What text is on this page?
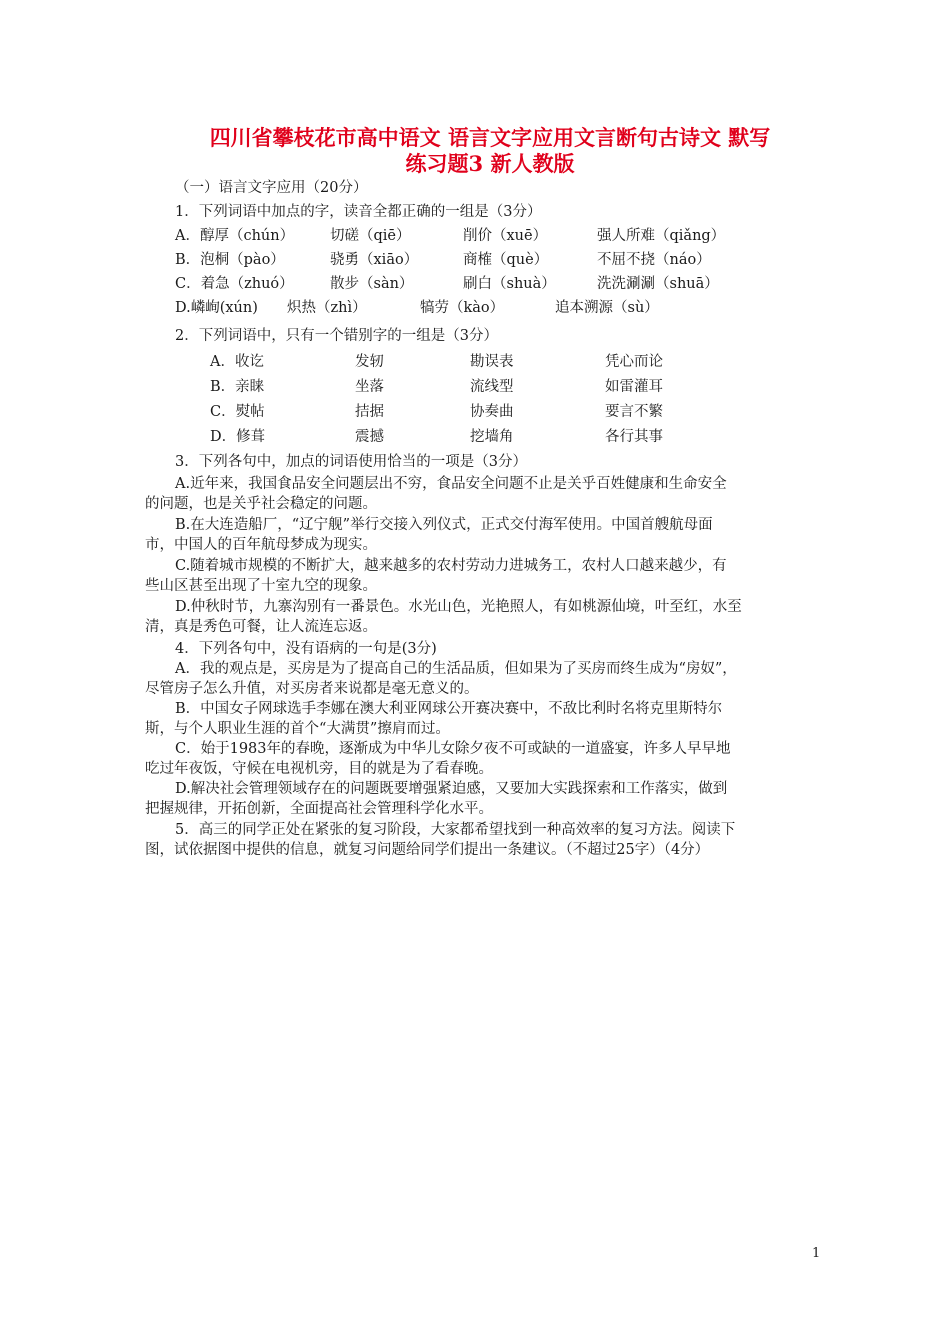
四川省攀枝花市高中语文 语言文字应用文言断句古诗文 默写
练习题3 新人教版
（一）语言文字应用（20分）
1．下列词语中加点的字，读音全都正确的一组是（3分）
A．醇厚（chún） 切磋（qiē）	削价（xuē）	强人所难（qiǎng）
B．泡桐（pào）	骁勇（xiāo）	商榷（què）	不屈不挠（náo）
C．着急（zhuó）	散步（sàn）	刷白（shuà）	洗洗涮涮（shuā）
D.嶙峋(xún) 炽热（zhì）	犒劳（kào）	追本溯源（sù）
2．下列词语中，只有一个错别字的一组是（3分）
A．收讫	发轫	勘误表	凭心而论
B．亲睐	坐落	流线型	如雷灌耳
C．熨帖	拮据	协奏曲	要言不繁
D．修葺	震撼	挖墙角	各行其事
3．下列各句中，加点的词语使用恰当的一项是（3分）
A.近年来，我国食品安全问题层出不穷，食品安全问题不止是关乎百姓健康和生命安全
的问题，也是关乎社会稳定的问题。
B.在大连造船厂，“辽宁舰”举行交接入列仪式，正式交付海军使用。中国首艘航母面
市，中国人的百年航母梦成为现实。
C.随着城市规模的不断扩大，越来越多的农村劳动力进城务工，农村人口越来越少，有
些山区甚至出现了十室九空的现象。
D.仲秋时节，九寨沟别有一番景色。水光山色，光艳照人，有如桃源仙境，叶至红，水至
清，真是秀色可餐，让人流连忘返。
4．下列各句中，没有语病的一句是(3分)
A．我的观点是，买房是为了提高自己的生活品质，但如果为了买房而终生成为“房奴”，
尽管房子怎么升值，对买房者来说都是毫无意义的。
B．中国女子网球选手李娜在澳大利亚网球公开赛决赛中，不敌比利时名将克里斯特尔
斯，与个人职业生涯的首个“大满贯”擦肩而过。
C．始于1983年的春晚，逐渐成为中华儿女除夕夜不可或缺的一道盛宴，许多人早早地
吃过年夜饭，守候在电视机旁，目的就是为了看春晚。
D.解决社会管理领域存在的问题既要增强紧迫感，又要加大实践探索和工作落实，做到
把握规律，开拓创新，全面提高社会管理科学化水平。
5．高三的同学正处在紧张的复习阶段，大家都希望找到一种高效率的复习方法。阅读下
图，试依据图中提供的信息，就复习问题给同学们提出一条建议。（不超过25字）（4分）
1
